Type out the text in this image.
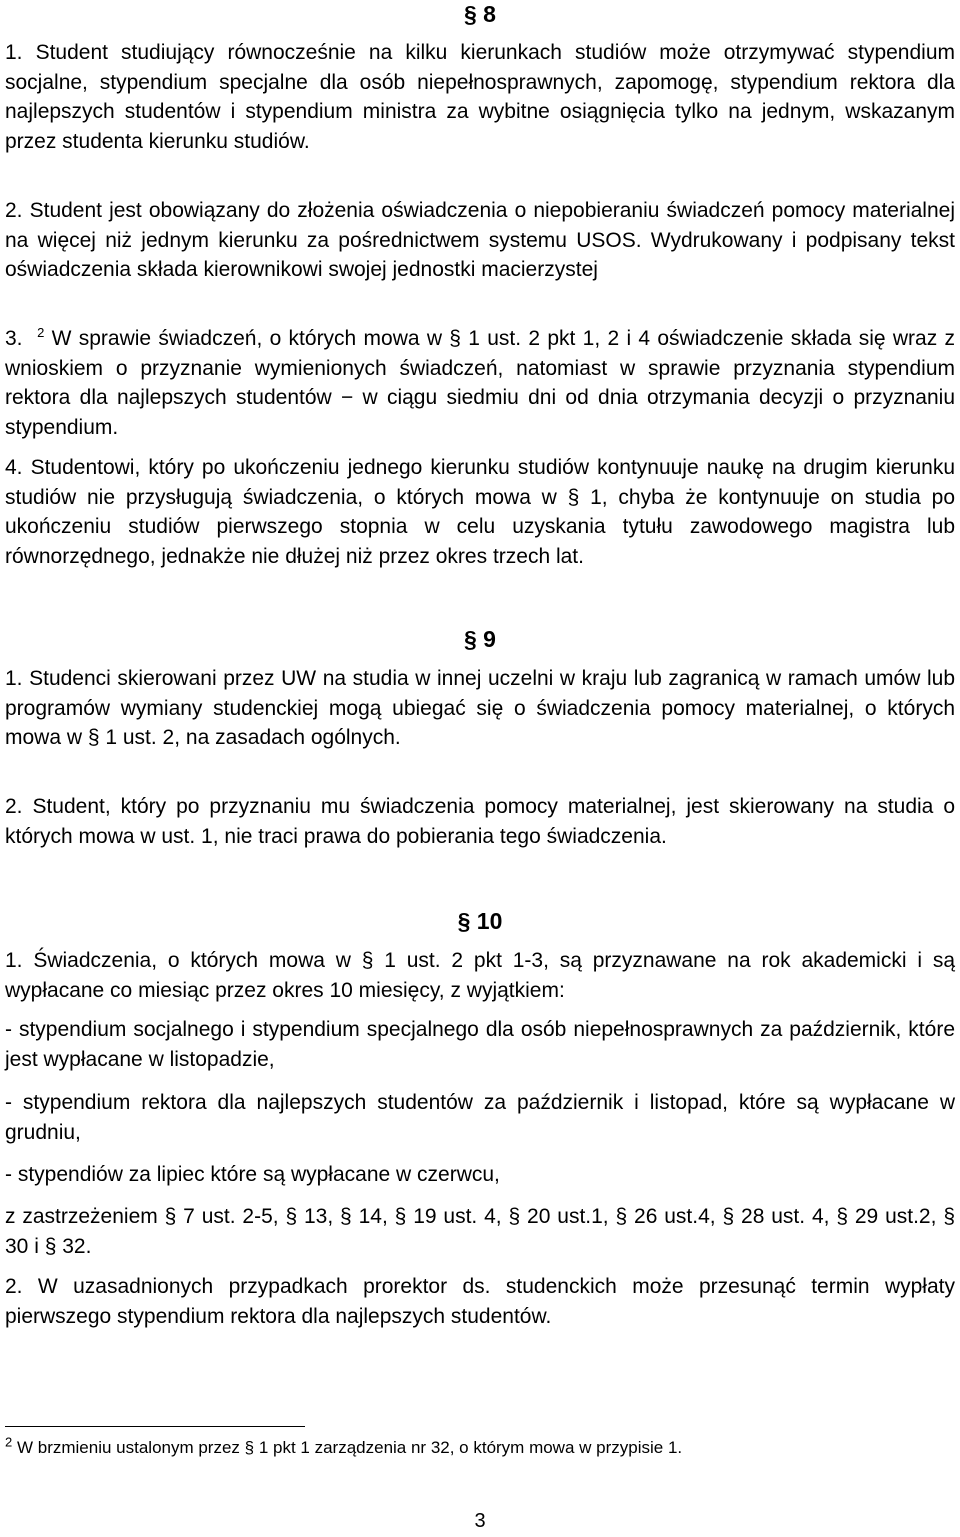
§ 8

1. Student studiujący równocześnie na kilku kierunkach studiów może otrzymywać stypendium socjalne, stypendium specjalne dla osób niepełnosprawnych, zapomogę, stypendium rektora dla najlepszych studentów i stypendium ministra za wybitne osiągnięcia tylko na jednym, wskazanym przez studenta kierunku studiów.

2. Student jest obowiązany do złożenia oświadczenia o niepobieraniu świadczeń pomocy materialnej na więcej niż jednym kierunku za pośrednictwem systemu USOS. Wydrukowany i podpisany tekst oświadczenia składa kierownikowi swojej jednostki macierzystej

3. $^2$ W sprawie świadczeń, o których mowa w § 1 ust. 2 pkt 1, 2 i 4 oświadczenie składa się wraz z wnioskiem o przyznanie wymienionych świadczeń, natomiast w sprawie przyznania stypendium rektora dla najlepszych studentów − w ciągu siedmiu dni od dnia otrzymania decyzji o przyznaniu stypendium.

4. Studentowi, który po ukończeniu jednego kierunku studiów kontynuuje naukę na drugim kierunku studiów nie przysługują świadczenia, o których mowa w § 1, chyba że kontynuuje on studia po ukończeniu studiów pierwszego stopnia w celu uzyskania tytułu zawodowego magistra lub równorzędnego, jednakże nie dłużej niż przez okres trzech lat.

§ 9

1. Studenci skierowani przez UW na studia w innej uczelni w kraju lub zagranicą w ramach umów lub programów wymiany studenckiej mogą ubiegać się o świadczenia pomocy materialnej, o których mowa w § 1 ust. 2, na zasadach ogólnych.

2. Student, który po przyznaniu mu świadczenia pomocy materialnej, jest skierowany na studia o których mowa w ust. 1, nie traci prawa do pobierania tego świadczenia.

§ 10

1. Świadczenia, o których mowa w § 1 ust. 2 pkt 1-3, są przyznawane na rok akademicki i są wypłacane co miesiąc przez okres 10 miesięcy, z wyjątkiem:

- stypendium socjalnego i stypendium specjalnego dla osób niepełnosprawnych za październik, które jest wypłacane w listopadzie,

- stypendium rektora dla najlepszych studentów za październik i listopad, które są wypłacane w grudniu,

- stypendiów za lipiec które są wypłacane w czerwcu,

z zastrzeżeniem § 7 ust. 2-5, § 13, § 14, § 19 ust. 4, § 20 ust.1, § 26 ust.4, § 28 ust. 4, § 29 ust.2, § 30 i § 32.

2. W uzasadnionych przypadkach prorektor ds. studenckich może przesunąć termin wypłaty pierwszego stypendium rektora dla najlepszych studentów.

$^2$ W brzmieniu ustalonym przez § 1 pkt 1 zarządzenia nr 32, o którym mowa w przypisie 1.
3
